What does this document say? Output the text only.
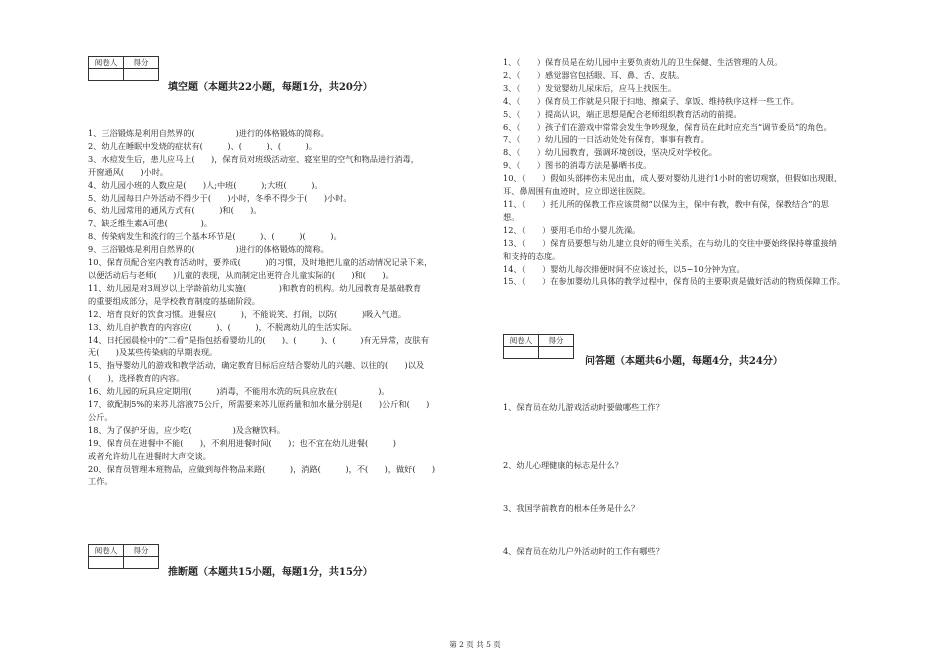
阅卷人	得分

填空题（本题共22小题，每题1分，共20分）
1、三浴锻炼是利用自然界的(　　　　　)进行的体格锻炼的简称。
2、幼儿在睡眠中发烧的症状有(　　　)、(　　　)、(　　　)。
3、水痘发生后，患儿应马上(　　)，保育员对班级活动室、寝室里的空气和物品进行消毒，
开窗通风(　　)小时。
4、幼儿园小班的人数应是(　　)人;中班(　　　);大班(　　　)。
5、幼儿园每日户外活动不得少于(　　)小时，冬季不得少于(　　)小时。
6、幼儿园常用的通风方式有(　　　)和(　　)。
7、缺乏维生素A可患(　　　　)。
8、传染病发生和流行的三个基本环节是(　　　)、(　　　)(　　　)。
9、三浴锻炼是利用自然界的(　　　　　)进行的体格锻炼的简称。
10、保育员配合室内教育活动时，要养成(　　　)的习惯，及时地把儿童的活动情况记录下来，
以便活动后与老师(　　)儿童的表现，从而制定出更符合儿童实际的(　　)和(　　)。
11、幼儿园是对3周岁以上学龄前幼儿实施(　　　　)和教育的机构。幼儿园教育是基础教育
的重要组成部分，是学校教育制度的基础阶段。
12、培育良好的饮食习惯。进餐应(　　　)，不能说笑、打闹，以防(　　　)吸入气道。
13、幼儿自护教育的内容应(　　　)、(　　　)，不脱离幼儿的生活实际。
14、日托园晨检中的“二看”是指包括看婴幼儿的(　　)、(　　　)、(　　　)有无异常，皮肤有
无(　　)及某些传染病的早期表现。
15、指导婴幼儿的游戏和教学活动，确定教育目标后应结合婴幼儿的兴趣、以往的(　　)以及
(　　)，选择教育的内容。
16、幼儿园的玩具应定期用(　　　)消毒，不能用水洗的玩具应放在(　　　　　)。
17、欲配制5%的来苏儿溶液75公斤，所需要来苏儿原药量和加水量分别是(　　)公斤和(　　)
公斤。
18、为了保护牙齿，应少吃(　　　　　)及含糖饮料。
19、保育员在进餐中不能(　　)，不利用进餐时间(　　)；也不宜在幼儿进餐(　　　)
或者允许幼儿在进餐时大声交谈。
20、保育员管理本班物品，应做到每件物品来路(　　　)，消路(　　　)，不(　　)，做好(　　)
工作。
阅卷人	得分

推断题（本题共15小题，每题1分，共15分）
1、（　　）保育员是在幼儿园中主要负责幼儿的卫生保健、生活管理的人员。
2、（　　）感觉器官包括眼、耳、鼻、舌、皮肤。
3、（　　）发觉婴幼儿尿床后，应马上找医生。
4、（　　）保育员工作就是只限于扫地、擦桌子、拿饭、维持秩序这样一些工作。
5、（　　）提高认识，端正思想是配合老师组织教育活动的前提。
6、（　　）孩子们在游戏中常常会发生争吵现象，保育员在此时应充当“调节委员”的角色。
7、（　　）幼儿园的一日活动处处有保育，事事有教育。
8、（　　）幼儿园教育，强调环境创设，坚决反对学校化。
9、（　　）图书的消毒方法是暴晒书皮。
10、（　　）假如头部摔伤未见出血，成人要对婴幼儿进行1小时的密切观察，但假如出现眼、
耳、鼻周围有血迹时，应立即送往医院。
11、（　　）托儿所的保教工作应该贯彻“以保为主，保中有教，教中有保，保教结合”的思
想。
12、（　　）要用毛巾给小婴儿洗澡。
13、（　　）保育员要想与幼儿建立良好的师生关系，在与幼儿的交往中要始终保持尊重接纳
和支持的态度。
14、（　　）婴幼儿每次排便时间不应该过长，以5~10分钟为宜。
15、（　　）在参加婴幼儿具体的教学过程中，保育员的主要职责是做好活动的物质保障工作。
阅卷人	得分

问答题（本题共6小题，每题4分，共24分）
1、保育员在幼儿游戏活动时要做哪些工作？
2、幼儿心理健康的标志是什么？
3、我国学前教育的根本任务是什么？
4、保育员在幼儿户外活动时的工作有哪些？
第 2 页 共 5 页
